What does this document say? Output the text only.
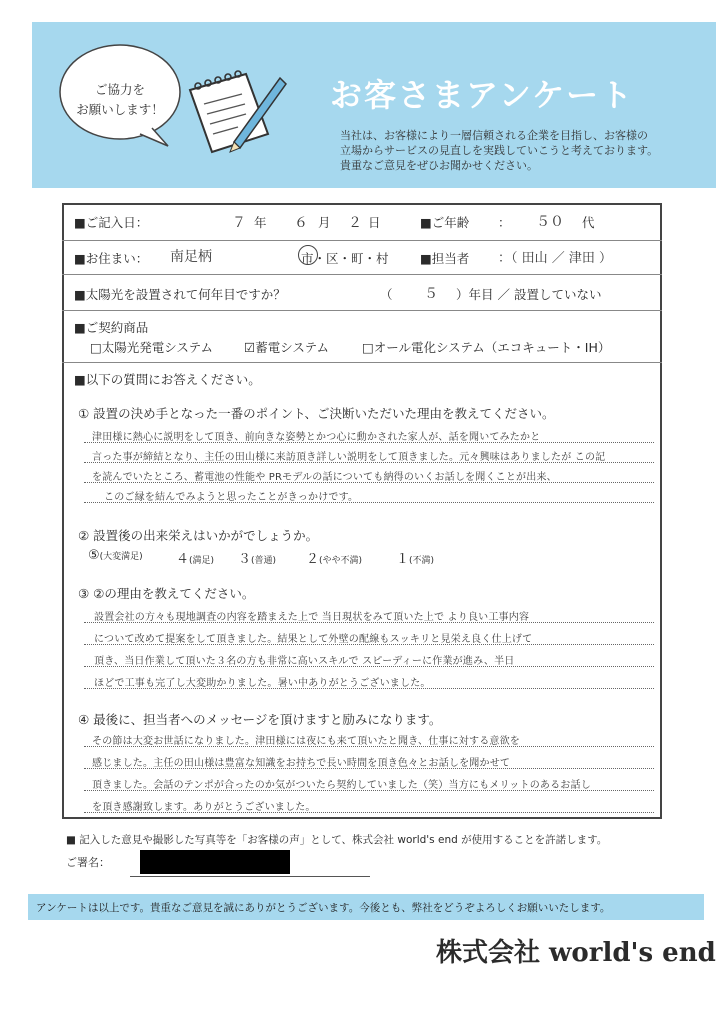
ご協力を
お願いします！	お客さまアンケート
当社は、お客様により一層信頼される企業を目指し、お客様の
立場からサービスの見直しを実践していこうと考えております。
貴重なご意見をぜひお聞かせください。
■ご記入日：	７ 年 ６ 月 ２ 日	■ご年齢 ： ５０ 代
■お住まい： 南足柄	市・区・町・村	■担当者 ：（ 田山 ／ 津田 ）
■太陽光を設置されて何年目ですか？	（ ５ ）年目 ／ 設置していない
■ご契約商品
□太陽光発電システム ☑蓄電システム	□オール電化システム（エコキュート・IH）
■以下の質問にお答えください。
① 設置の決め手となった一番のポイント、ご決断いただいた理由を教えてください。
津田様に熱心に説明をして頂き、前向きな姿勢とかつ心に動かされた家人が、話を聞いてみたかと
言った事が締結となり、主任の田山様に来訪頂き詳しい説明をして頂きました。元々興味はありましたが この記
を読んでいたところ、蓄電池の性能や PRモデルの話についても納得のいくお話しを聞くことが出来、
このご縁を結んでみようと思ったことがきっかけです。
② 設置後の出来栄えはいかがでしょうか。
⑤(大変満足)	４(満足) ３(普通) ２(やや不満)	１(不満)
③ ②の理由を教えてください。
設置会社の方々も現地調査の内容を踏まえた上で 当日現状をみて頂いた上で より良い工事内容
について改めて提案をして頂きました。結果として外壁の配線もスッキリと見栄え良く仕上げて
頂き、当日作業して頂いた３名の方も非常に高いスキルで スピーディーに作業が進み、半日
ほどで工事も完了し大変助かりました。暑い中ありがとうございました。
④ 最後に、担当者へのメッセージを頂けますと励みになります。
その節は大変お世話になりました。津田様には夜にも来て頂いたと聞き、仕事に対する意欲を
感じました。主任の田山様は豊富な知識をお持ちで長い時間を頂き色々とお話しを聞かせて
頂きました。会話のテンポが合ったのか気がついたら契約していました（笑）当方にもメリットのあるお話し
を頂き感謝致します。ありがとうございました。
■ 記入した意見や撮影した写真等を「お客様の声」として、株式会社 world's end が使用することを許諾します。
ご署名：
アンケートは以上です。貴重なご意見を誠にありがとうございます。今後とも、弊社をどうぞよろしくお願いいたします。
株式会社 world's end
